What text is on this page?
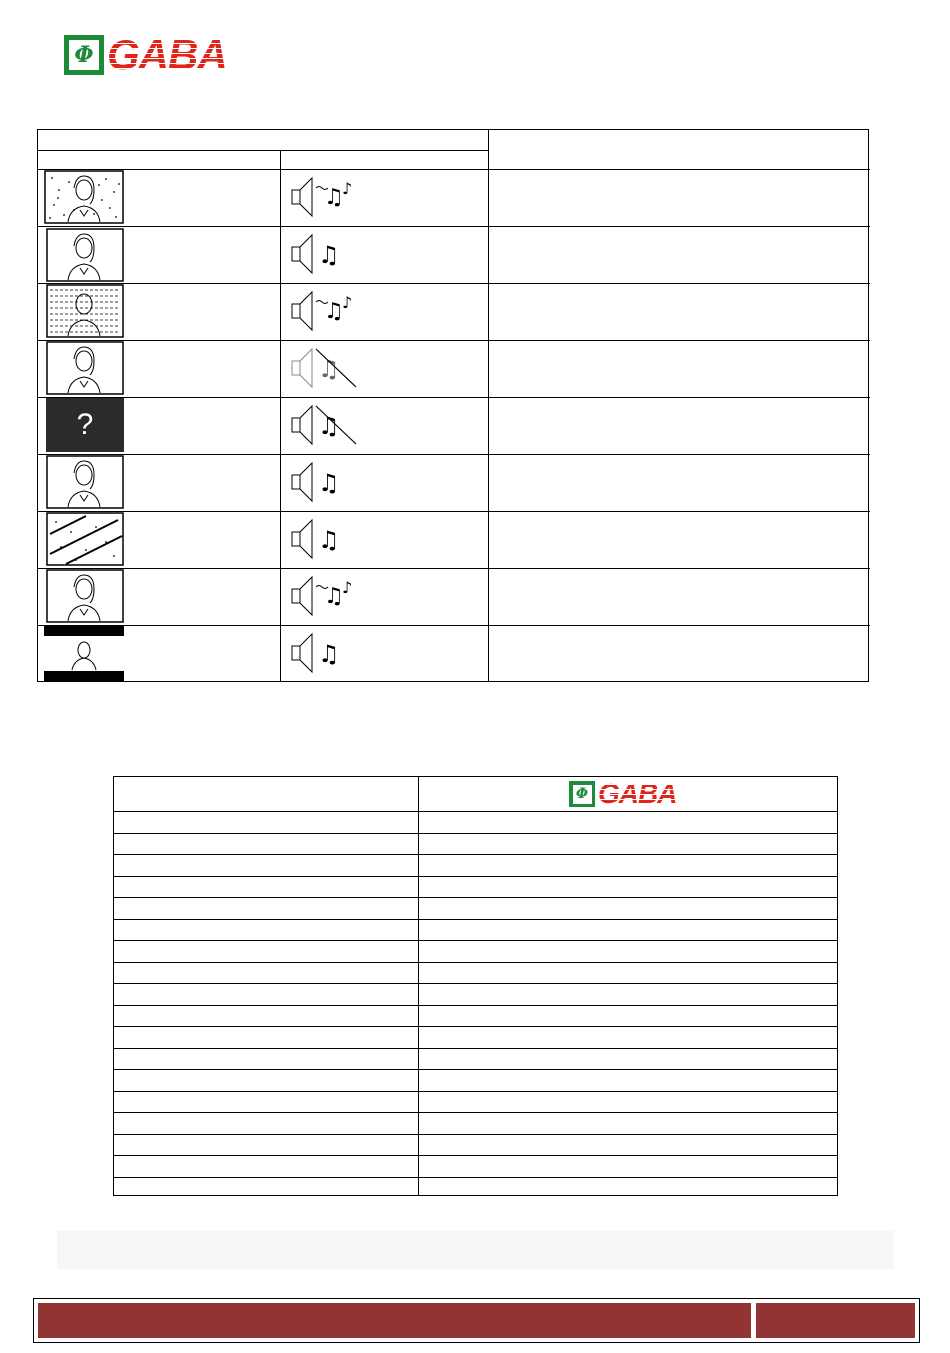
Φ GABA
?
♫
♪
♫
♫
♪
♫
♫
♫
♫
♫
♪
♫
Φ GABA
